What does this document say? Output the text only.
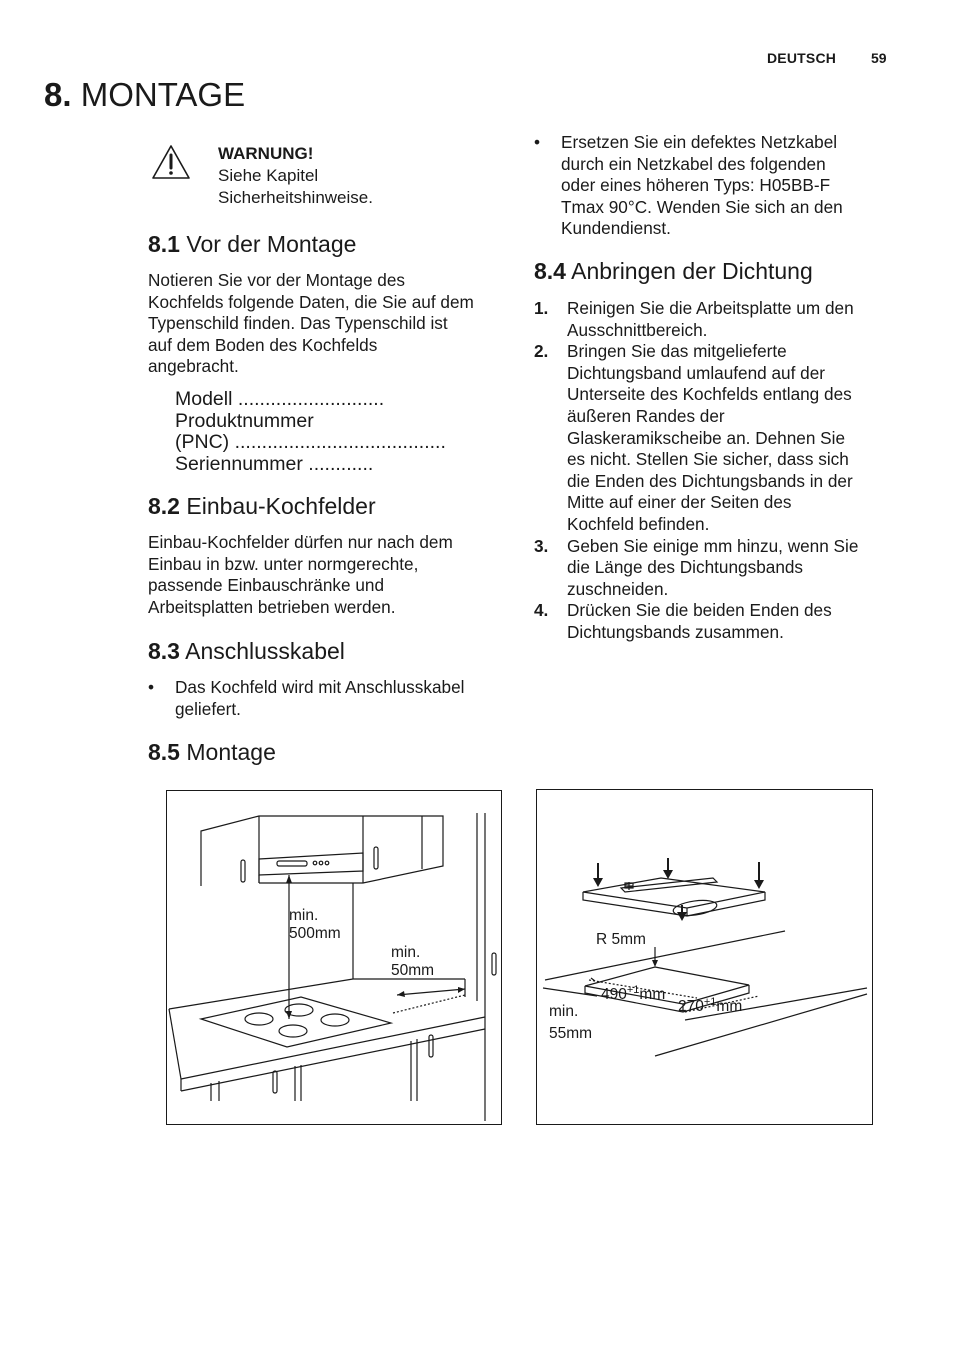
DEUTSCH 59
8. MONTAGE
WARNUNG!
Siehe Kapitel
Sicherheitshinweise.
8.1 Vor der Montage
Notieren Sie vor der Montage des
Kochfelds folgende Daten, die Sie auf dem
Typenschild finden. Das Typenschild ist
auf dem Boden des Kochfelds
angebracht.
Modell ...........................
Produktnummer
(PNC) .......................................
Seriennummer ............
8.2 Einbau-Kochfelder
Einbau-Kochfelder dürfen nur nach dem
Einbau in bzw. unter normgerechte,
passende Einbauschränke und
Arbeitsplatten betrieben werden.
8.3 Anschlusskabel
• Das Kochfeld wird mit Anschlusskabel
geliefert.
• Ersetzen Sie ein defektes Netzkabel
durch ein Netzkabel des folgenden
oder eines höheren Typs: H05BB-F
Tmax 90°C. Wenden Sie sich an den
Kundendienst.
8.4 Anbringen der Dichtung
1. Reinigen Sie die Arbeitsplatte um den
Ausschnittbereich.
2. Bringen Sie das mitgelieferte
Dichtungsband umlaufend auf der
Unterseite des Kochfelds entlang des
äußeren Randes der
Glaskeramikscheibe an. Dehnen Sie
es nicht. Stellen Sie sicher, dass sich
die Enden des Dichtungsbands in der
Mitte auf einer der Seiten des
Kochfeld befinden.
3. Geben Sie einige mm hinzu, wenn Sie
die Länge des Dichtungsbands
zuschneiden.
4. Drücken Sie die beiden Enden des
Dichtungsbands zusammen.
8.5 Montage
min.
500mm
min.
50mm
R 5mm
$490^{+1}mm$
$270^{+1}mm$
min.
55mm
